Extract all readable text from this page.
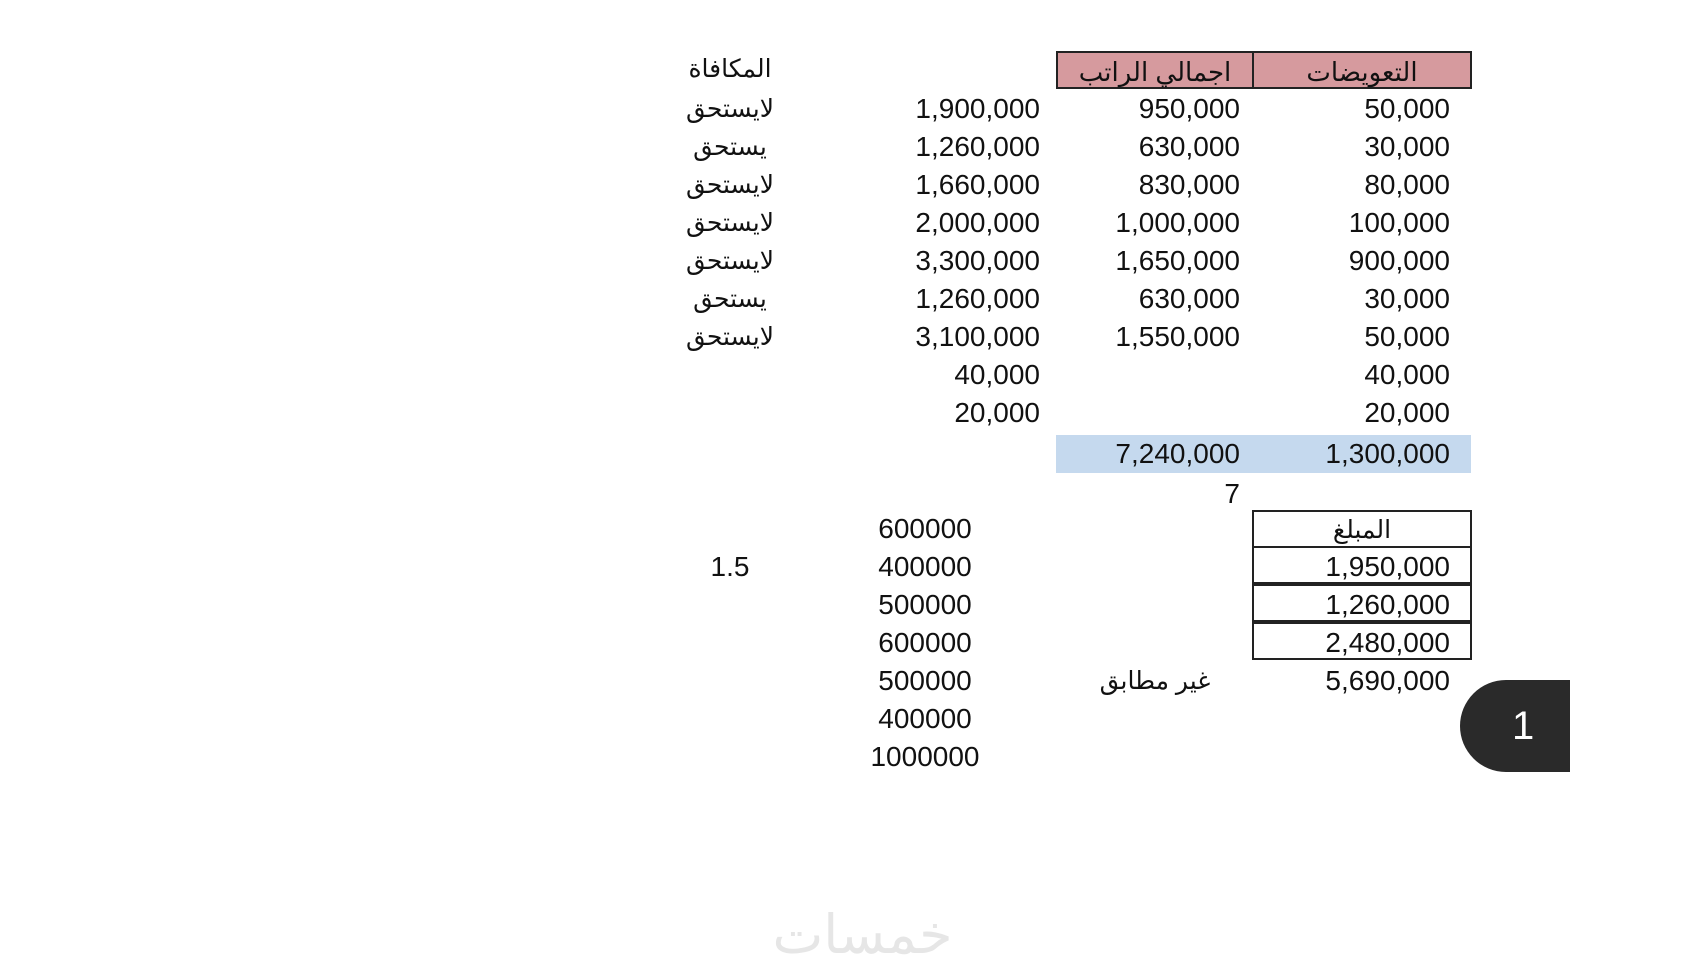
التعويضات
اجمالي الراتب
المكافاة
50,000
950,000
1,900,000
لايستحق
30,000
630,000
1,260,000
يستحق
80,000
830,000
1,660,000
لايستحق
100,000
1,000,000
2,000,000
لايستحق
900,000
1,650,000
3,300,000
لايستحق
30,000
630,000
1,260,000
يستحق
50,000
1,550,000
3,100,000
لايستحق
40,000
40,000
20,000
20,000
1,300,000
7,240,000
7
المبلغ
1,950,000
1,260,000
2,480,000
5,690,000
غير مطابق
1.5
600000
400000
500000
600000
500000
400000
1000000
1
خمسات
